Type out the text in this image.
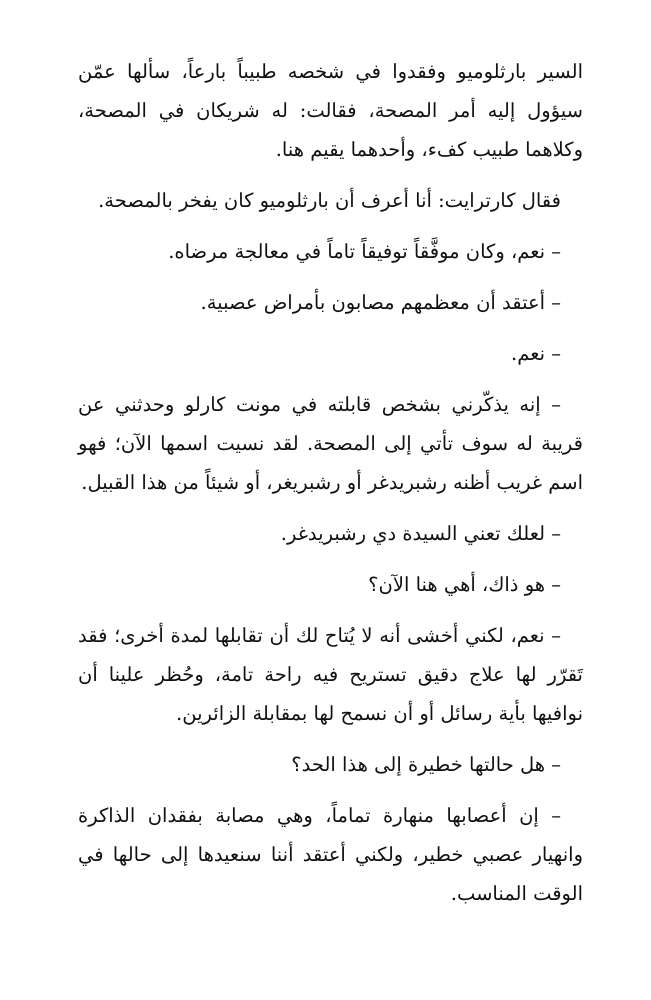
السير بارثلوميو وفقدوا في شخصه طبيباً بارعاً، سألها عمّن سيؤول إليه أمر المصحة، فقالت: له شريكان في المصحة، وكلاهما طبيب كفء، وأحدهما يقيم هنا.

فقال كارترايت: أنا أعرف أن بارثلوميو كان يفخر بالمصحة.

– نعم، وكان موفَّقاً توفيقاً تاماً في معالجة مرضاه.

– أعتقد أن معظمهم مصابون بأمراض عصبية.

– نعم.

– إنه يذكّرني بشخص قابلته في مونت كارلو وحدثني عن قريبة له سوف تأتي إلى المصحة. لقد نسيت اسمها الآن؛ فهو اسم غريب أظنه رشبريدغر أو رشبريغر، أو شيئاً من هذا القبيل.

– لعلك تعني السيدة دي رشبريدغر.

– هو ذاك، أهي هنا الآن؟

– نعم، لكني أخشى أنه لا يُتاح لك أن تقابلها لمدة أخرى؛ فقد تَقرّر لها علاج دقيق تستريح فيه راحة تامة، وحُظر علينا أن نوافيها بأية رسائل أو أن نسمح لها بمقابلة الزائرين.

– هل حالتها خطيرة إلى هذا الحد؟

– إن أعصابها منهارة تماماً، وهي مصابة بفقدان الذاكرة وانهيار عصبي خطير، ولكني أعتقد أننا سنعيدها إلى حالها في الوقت المناسب.
